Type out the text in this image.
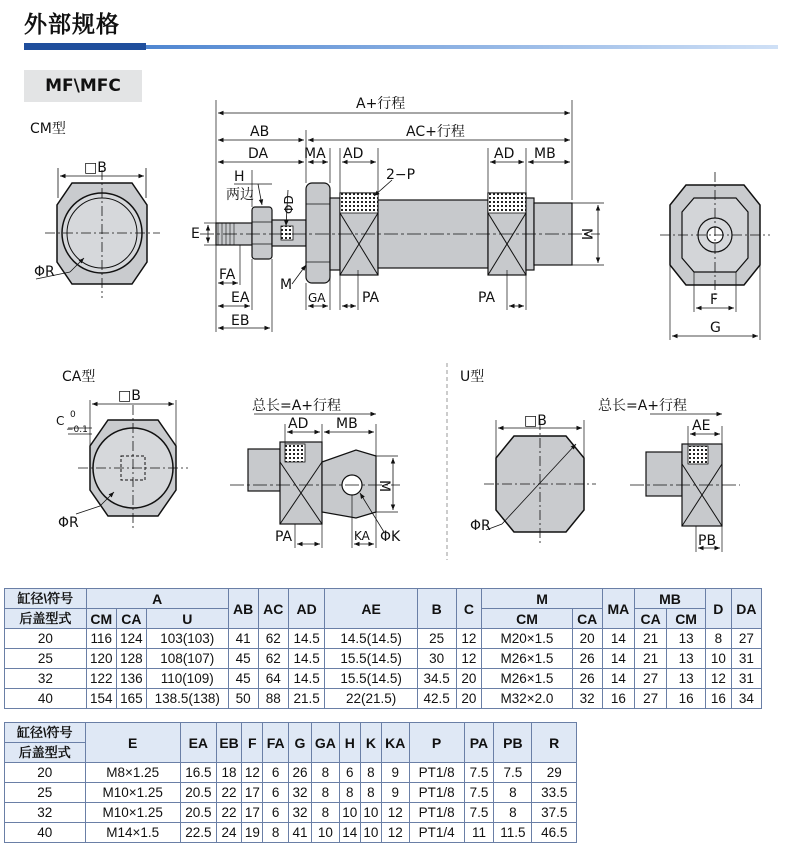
外部规格
MF\MFC
CM型
□B
ΦR
A+行程
AB	AC+行程
DA	MA AD	AD MB
H
两边
ΦD
2−P
E
FA
EA
EB
M
GA	PA	PA
M
F
G
CA型
□B
C 0
−0.1
ΦR
总长=A+行程
AD MB
M
PA	KA ΦK
U型
□B
ΦR
总长=A+行程
AE
PB
缸径\符号	A			AB	AC	AD	AE	B	C	M		MA	MB		D	DA
后盖型式	CM	CA	U							CM	CA		CA	CM		
20	116	124	103(103)	41	62	14.5	14.5(14.5)	25	12	M20×1.5	20	14	21	13	8	27
25	120	128	108(107)	45	62	14.5	15.5(14.5)	30	12	M26×1.5	26	14	21	13	10	31
32	122	136	110(109)	45	64	14.5	15.5(14.5)	34.5	20	M26×1.5	26	14	27	13	12	31
40	154	165	138.5(138)	50	88	21.5	22(21.5)	42.5	20	M32×2.0	32	16	27	16	16	34
缸径\符号	E	EA	EB	F	FA	G	GA	H	K	KA	P	PA	PB	R
后盖型式														
20	M8×1.25	16.5	18	12	6	26	8	6	8	9	PT1/8	7.5	7.5	29
25	M10×1.25	20.5	22	17	6	32	8	8	8	9	PT1/8	7.5	8	33.5
32	M10×1.25	20.5	22	17	6	32	8	10	10	12	PT1/8	7.5	8	37.5
40	M14×1.5	22.5	24	19	8	41	10	14	10	12	PT1/4	11	11.5	46.5
